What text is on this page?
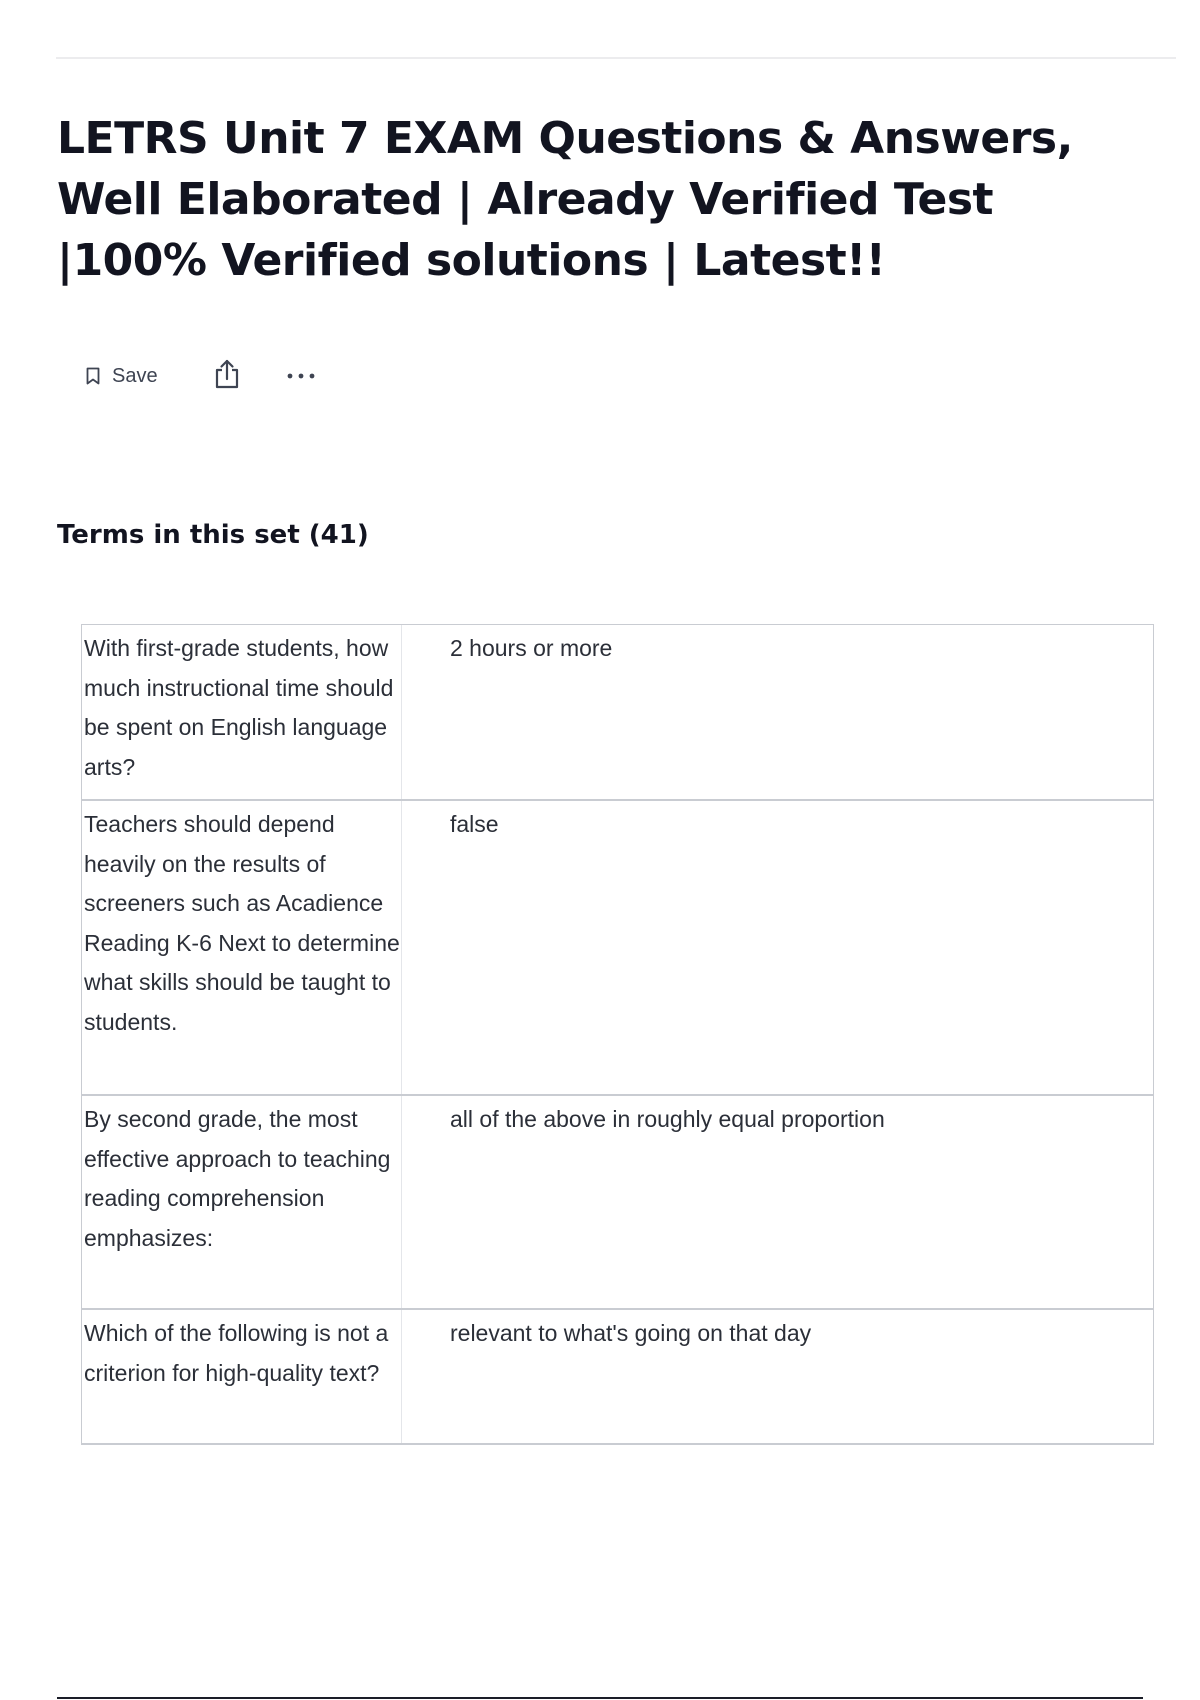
LETRS Unit 7 EXAM Questions & Answers, Well Elaborated | Already Verified Test |100% Verified solutions | Latest!!
Save
Terms in this set (41)
With first-grade students, how much instructional time should be spent on English language arts?
2 hours or more
Teachers should depend heavily on the results of screeners such as Acadience Reading K-6 Next to determine what skills should be taught to students.
false
By second grade, the most effective approach to teaching reading comprehension emphasizes:
all of the above in roughly equal proportion
Which of the following is not a criterion for high-quality text?
relevant to what's going on that day
